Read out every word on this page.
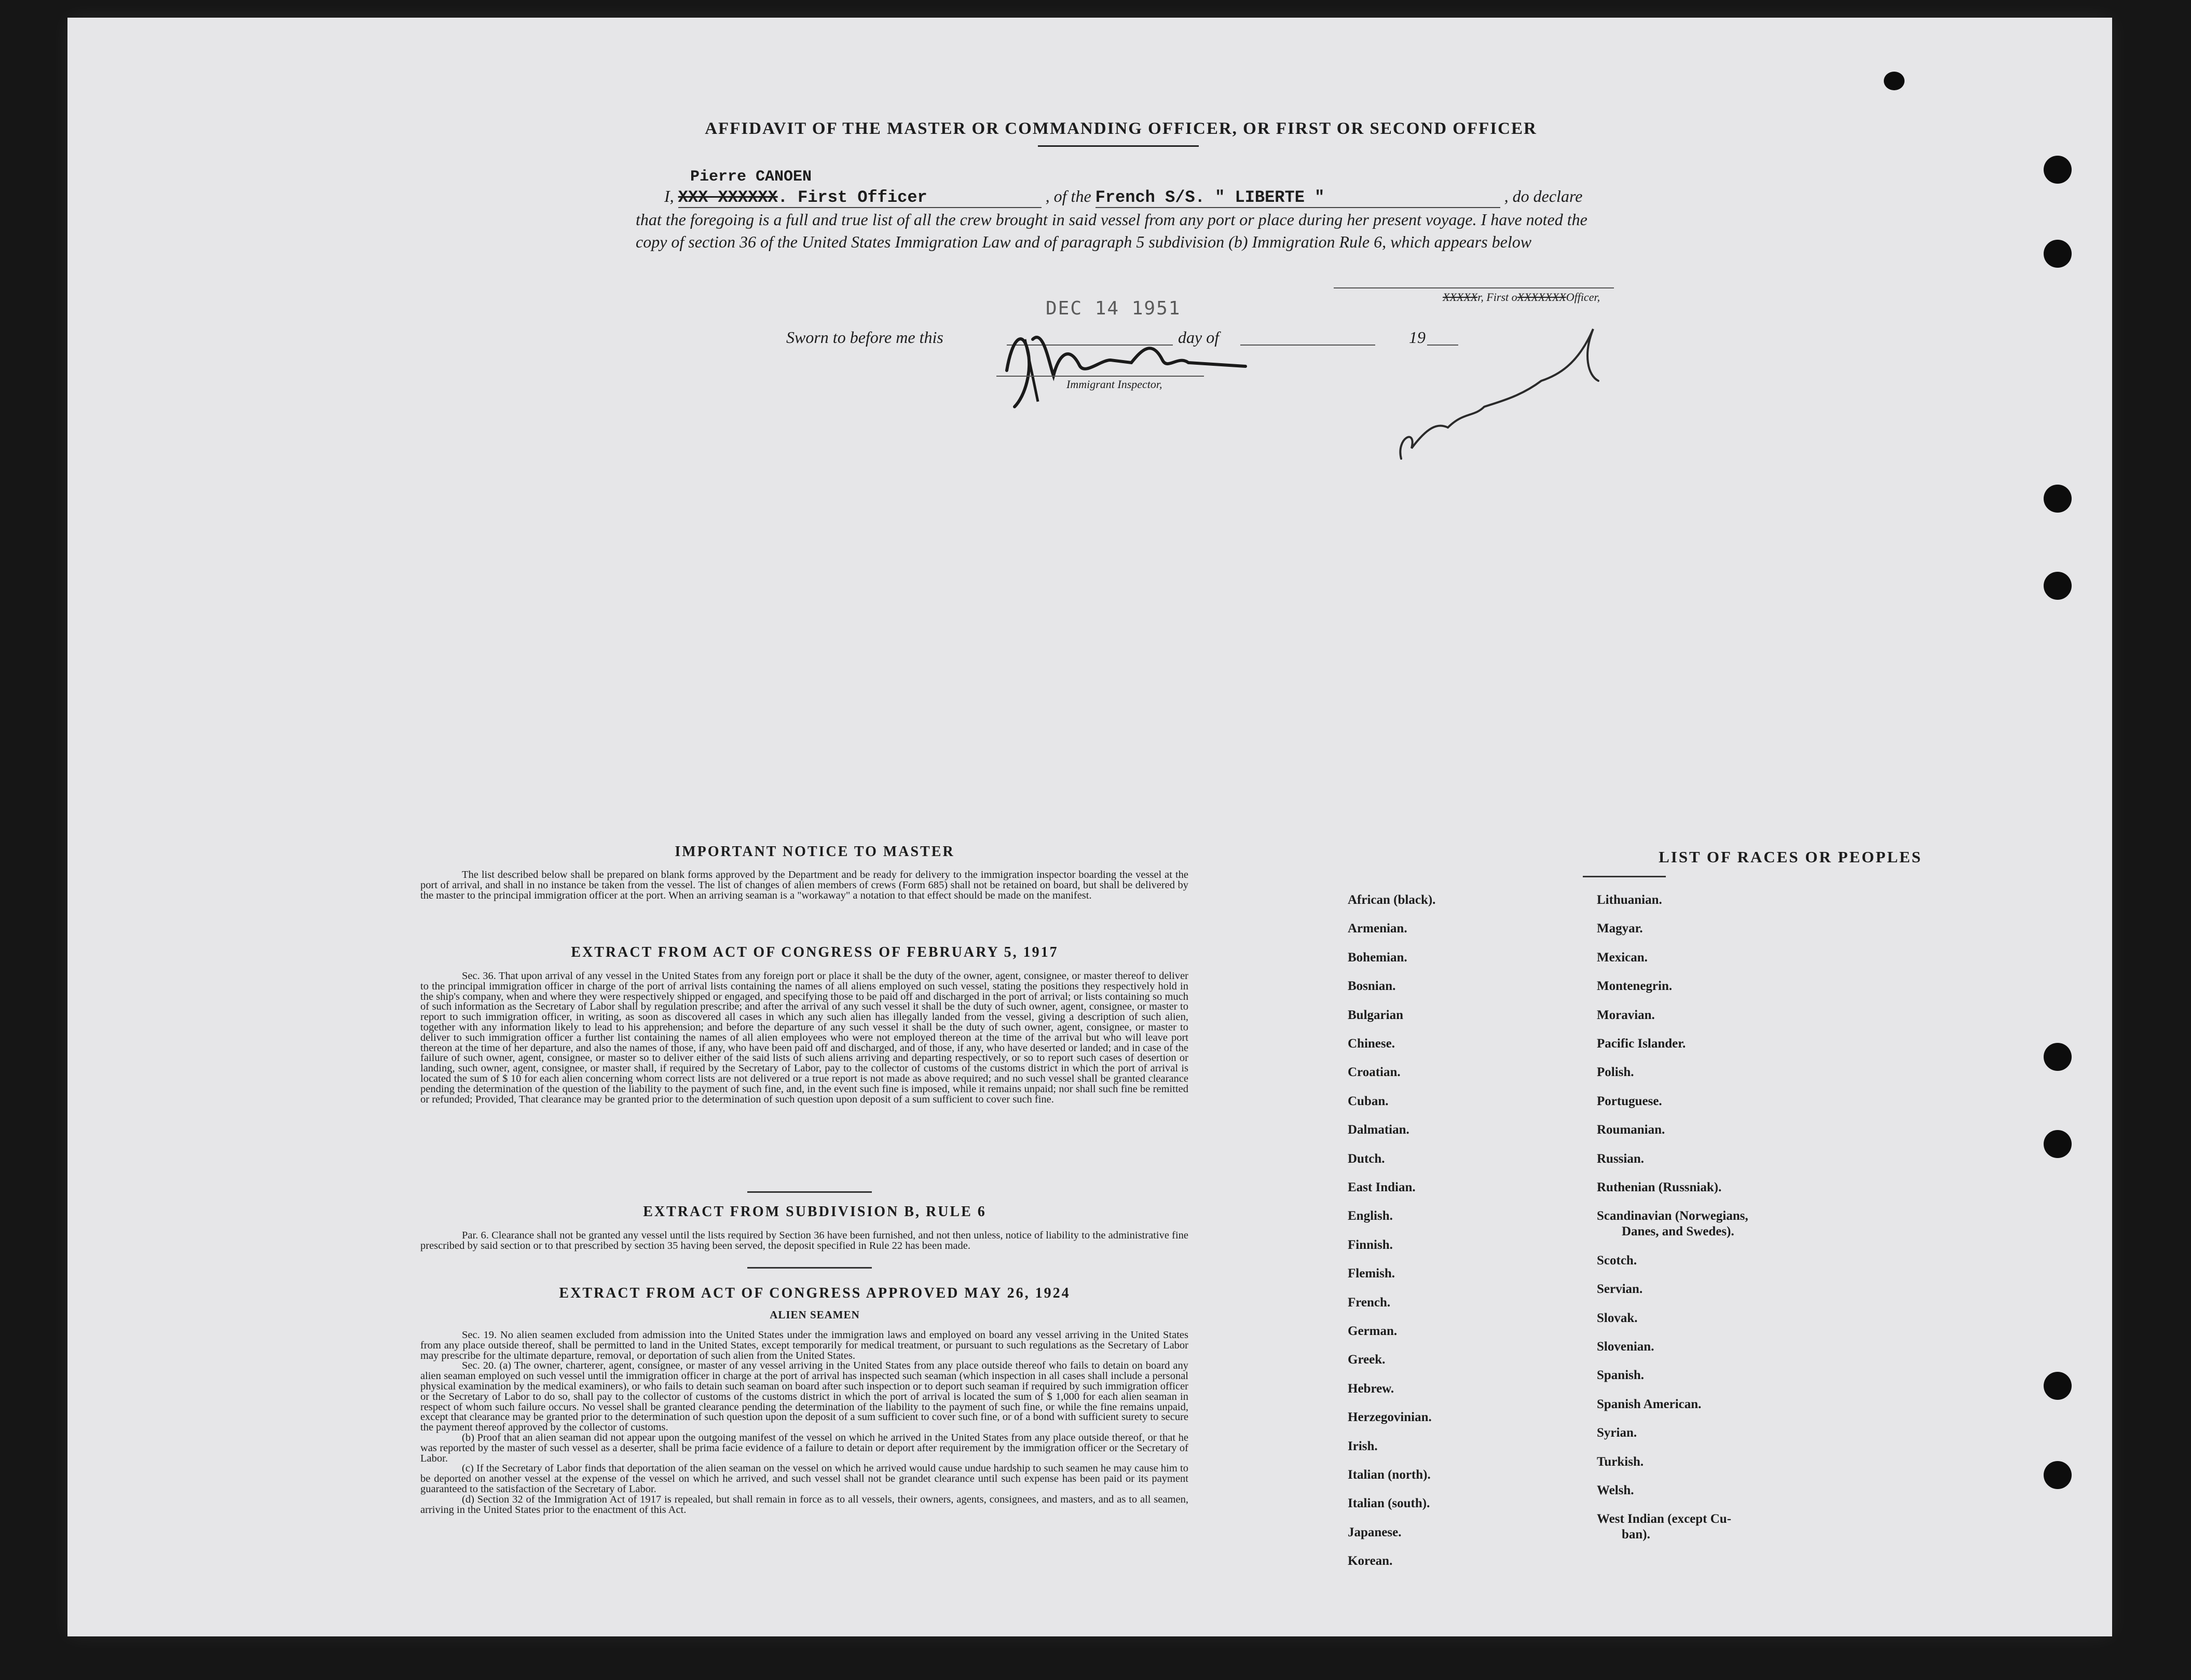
AFFIDAVIT OF THE MASTER OR COMMANDING OFFICER, OR FIRST OR SECOND OFFICER
Pierre CANOEN
I, XXX XXXXXX. First Officer	, of the French S/S. " LIBERTE "	, do declare
that the foregoing is a full and true list of all the crew brought in said vessel from any port or place during her present voyage. I have noted the copy of section 36 of the United States Immigration Law and of paragraph 5 subdivision (b) Immigration Rule 6, which appears below
XXXXXr, First oXXXXXXXOfficer,
Sworn to before me this
DEC 14 1951
day of	19
Immigrant Inspector,
IMPORTANT NOTICE TO MASTER

The list described below shall be prepared on blank forms approved by the Department and be ready for delivery to the immigration inspector boarding the vessel at the port of arrival, and shall in no instance be taken from the vessel. The list of changes of alien members of crews (Form 685) shall not be retained on board, but shall be delivered by the master to the principal immigration officer at the port. When an arriving seaman is a "workaway" a notation to that effect should be made on the manifest.

EXTRACT FROM ACT OF CONGRESS OF FEBRUARY 5, 1917

Sec. 36. That upon arrival of any vessel in the United States from any foreign port or place it shall be the duty of the owner, agent, consignee, or master thereof to deliver to the principal immigration officer in charge of the port of arrival lists containing the names of all aliens employed on such vessel, stating the positions they respectively hold in the ship's company, when and where they were respectively shipped or engaged, and specifying those to be paid off and discharged in the port of arrival; or lists containing so much of such information as the Secretary of Labor shall by regulation prescribe; and after the arrival of any such vessel it shall be the duty of such owner, agent, consignee, or master to report to such immigration officer, in writing, as soon as discovered all cases in which any such alien has illegally landed from the vessel, giving a description of such alien, together with any information likely to lead to his apprehension; and before the departure of any such vessel it shall be the duty of such owner, agent, consignee, or master to deliver to such immigration officer a further list containing the names of all alien employees who were not employed thereon at the time of the arrival but who will leave port thereon at the time of her departure, and also the names of those, if any, who have been paid off and discharged, and of those, if any, who have deserted or landed; and in case of the failure of such owner, agent, consignee, or master so to deliver either of the said lists of such aliens arriving and departing respectively, or so to report such cases of desertion or landing, such owner, agent, consignee, or master shall, if required by the Secretary of Labor, pay to the collector of customs of the customs district in which the port of arrival is located the sum of $ 10 for each alien concerning whom correct lists are not delivered or a true report is not made as above required; and no such vessel shall be granted clearance pending the determination of the question of the liability to the payment of such fine, and, in the event such fine is imposed, while it remains unpaid; nor shall such fine be remitted or refunded; Provided, That clearance may be granted prior to the determination of such question upon deposit of a sum sufficient to cover such fine.

EXTRACT FROM SUBDIVISION B, RULE 6

Par. 6. Clearance shall not be granted any vessel until the lists required by Section 36 have been furnished, and not then unless, notice of liability to the administrative fine prescribed by said section or to that prescribed by section 35 having been served, the deposit specified in Rule 22 has been made.

EXTRACT FROM ACT OF CONGRESS APPROVED MAY 26, 1924
ALIEN SEAMEN

Sec. 19. No alien seamen excluded from admission into the United States under the immigration laws and employed on board any vessel arriving in the United States from any place outside thereof, shall be permitted to land in the United States, except temporarily for medical treatment, or pursuant to such regulations as the Secretary of Labor may prescribe for the ultimate departure, removal, or deportation of such alien from the United States.

Sec. 20. (a) The owner, charterer, agent, consignee, or master of any vessel arriving in the United States from any place outside thereof who fails to detain on board any alien seaman employed on such vessel until the immigration officer in charge at the port of arrival has inspected such seaman (which inspection in all cases shall include a personal physical examination by the medical examiners), or who fails to detain such seaman on board after such inspection or to deport such seaman if required by such immigration officer or the Secretary of Labor to do so, shall pay to the collector of customs of the customs district in which the port of arrival is located the sum of $ 1,000 for each alien seaman in respect of whom such failure occurs. No vessel shall be granted clearance pending the determination of the liability to the payment of such fine, or while the fine remains unpaid, except that clearance may be granted prior to the determination of such question upon the deposit of a sum sufficient to cover such fine, or of a bond with sufficient surety to secure the payment thereof approved by the collector of customs.

(b) Proof that an alien seaman did not appear upon the outgoing manifest of the vessel on which he arrived in the United States from any place outside thereof, or that he was reported by the master of such vessel as a deserter, shall be prima facie evidence of a failure to detain or deport after requirement by the immigration officer or the Secretary of Labor.

(c) If the Secretary of Labor finds that deportation of the alien seaman on the vessel on which he arrived would cause undue hardship to such seamen he may cause him to be deported on another vessel at the expense of the vessel on which he arrived, and such vessel shall not be grandet clearance until such expense has been paid or its payment guaranteed to the satisfaction of the Secretary of Labor.

(d) Section 32 of the Immigration Act of 1917 is repealed, but shall remain in force as to all vessels, their owners, agents, consignees, and masters, and as to all seamen, arriving in the United States prior to the enactment of this Act.

LIST OF RACES OR PEOPLES
African (black).
Armenian.
Bohemian.
Bosnian.
Bulgarian
Chinese.
Croatian.
Cuban.
Dalmatian.
Dutch.
East Indian.
English.
Finnish.
Flemish.
French.
German.
Greek.
Hebrew.
Herzegovinian.
Irish.
Italian (north).
Italian (south).
Japanese.
Korean.
Lithuanian.
Magyar.
Mexican.
Montenegrin.
Moravian.
Pacific Islander.
Polish.
Portuguese.
Roumanian.
Russian.
Ruthenian (Russniak).
Scandinavian (Norwegians,
Danes, and Swedes).
Scotch.
Servian.
Slovak.
Slovenian.
Spanish.
Spanish American.
Syrian.
Turkish.
Welsh.
West Indian (except Cu-
ban).
